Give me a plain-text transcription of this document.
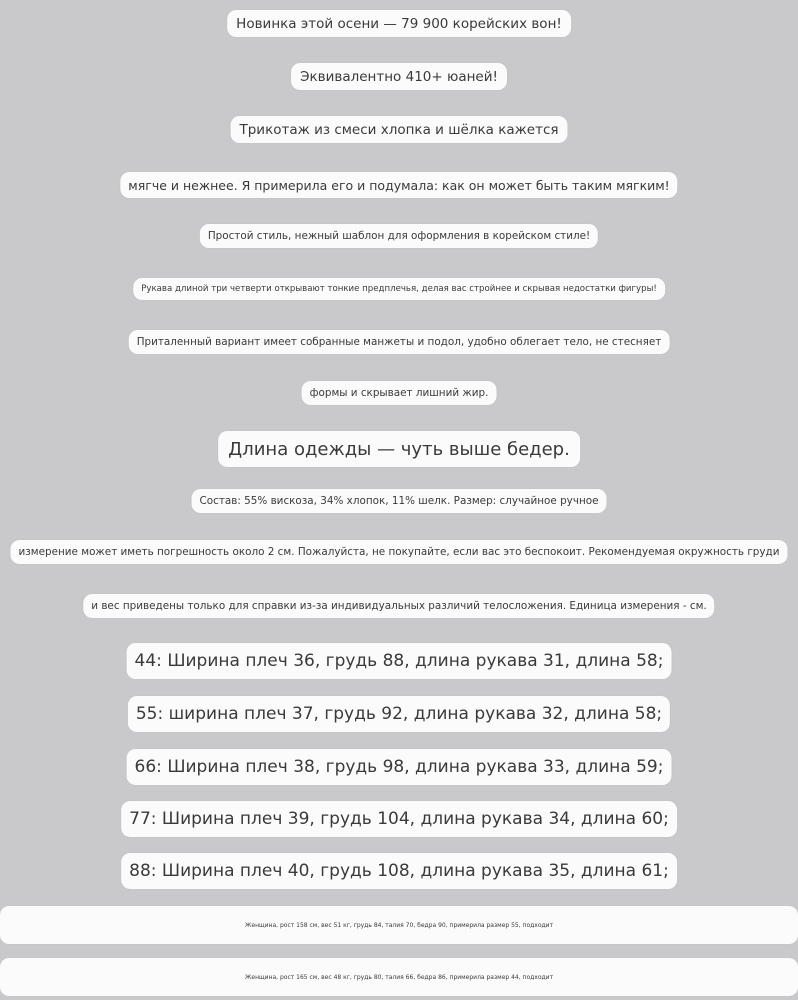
Новинка этой осени — 79 900 корейских вон!
Эквивалентно 410+ юаней!
Трикотаж из смеси хлопка и шёлка кажется
мягче и нежнее. Я примерила его и подумала: как он может быть таким мягким!
Простой стиль, нежный шаблон для оформления в корейском стиле!
Рукава длиной три четверти открывают тонкие предплечья, делая вас стройнее и скрывая недостатки фигуры!
Приталенный вариант имеет собранные манжеты и подол, удобно облегает тело, не стесняет
формы и скрывает лишний жир.
Длина одежды — чуть выше бедер.
Состав: 55% вискоза, 34% хлопок, 11% шелк. Размер: случайное ручное
измерение может иметь погрешность около 2 см. Пожалуйста, не покупайте, если вас это беспокоит. Рекомендуемая окружность груди
и вес приведены только для справки из-за индивидуальных различий телосложения. Единица измерения - см.
44: Ширина плеч 36, грудь 88, длина рукава 31, длина 58;
55: ширина плеч 37, грудь 92, длина рукава 32, длина 58;
66: Ширина плеч 38, грудь 98, длина рукава 33, длина 59;
77: Ширина плеч 39, грудь 104, длина рукава 34, длина 60;
88: Ширина плеч 40, грудь 108, длина рукава 35, длина 61;
Женщина, рост 158 см, вес 51 кг, грудь 84, талия 70, бедра 90, примерила размер 55, подходит
Женщина, рост 165 см, вес 48 кг, грудь 80, талия 66, бедра 86, примерила размер 44, подходит
